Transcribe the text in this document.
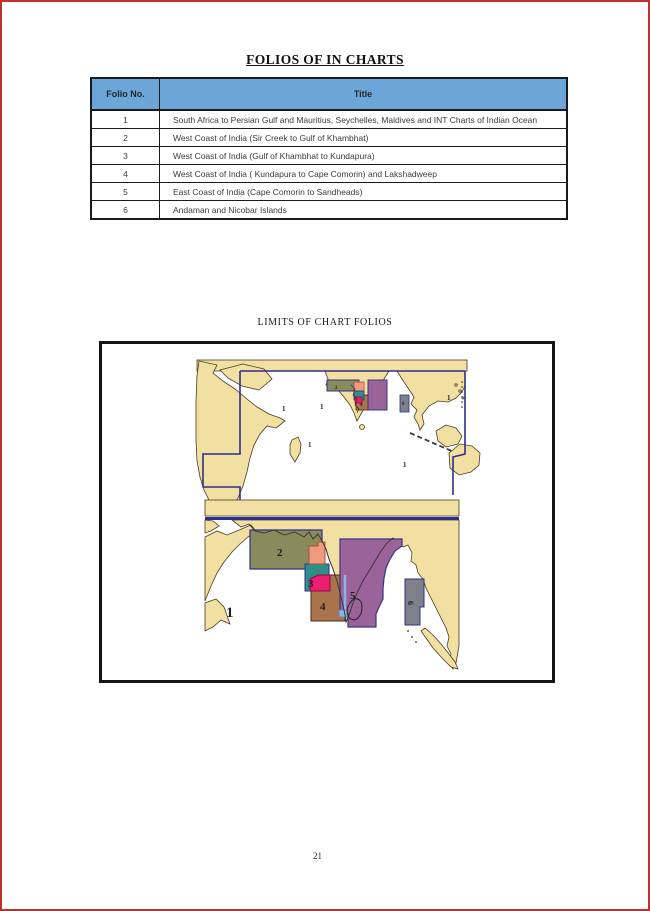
FOLIOS OF IN CHARTS
Folio No.	Title
1	South Africa to Persian Gulf and Mauritius, Seychelles, Maldives and INT Charts of Indian Ocean
2	West Coast of India (Sir Creek to Gulf of Khambhat)
3	West Coast of India (Gulf of Khambhat to Kundapura)
4	West Coast of India ( Kundapura to Cape Comorin) and Lakshadweep
5	East Coast of India (Cape Comorin to Sandheads)
6	Andaman and Nicobar Islands
LIMITS OF CHART FOLIOS
1	1
1
1
1
2
4	6
1
2
3
4
5
6
21
